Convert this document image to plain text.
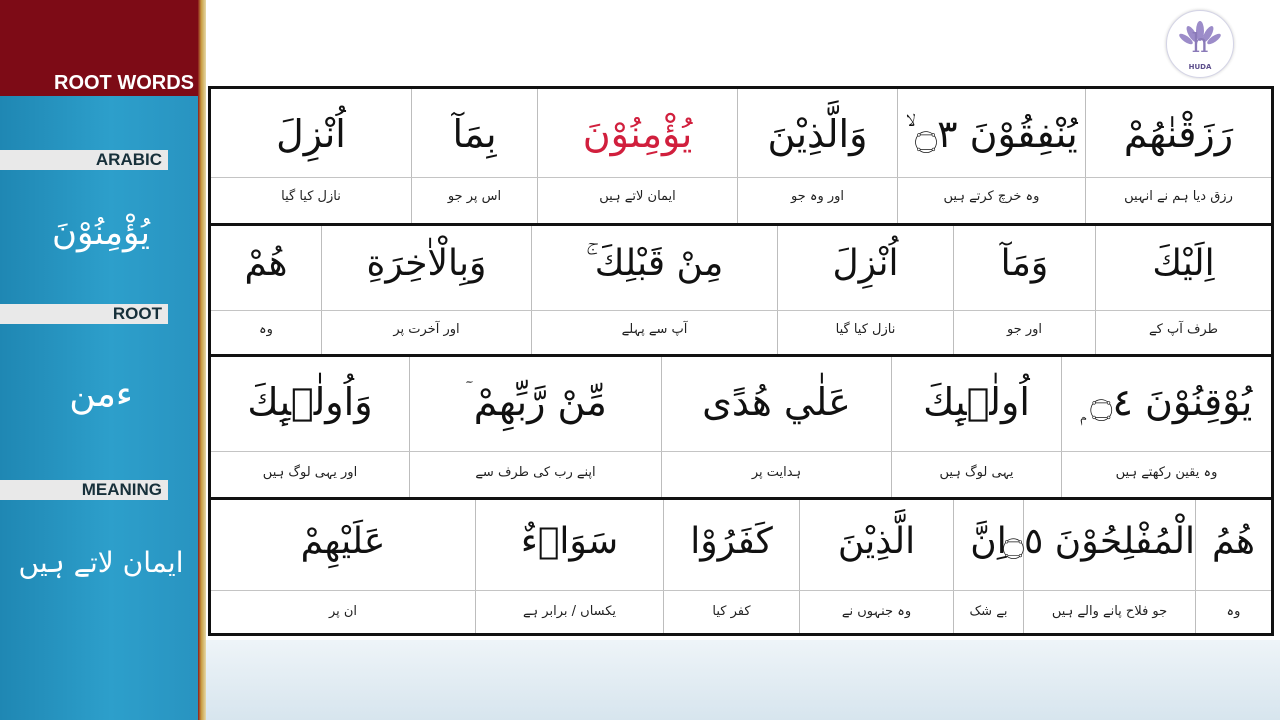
ROOT WORDS
ARABIC
يُؤْمِنُوْنَ
ROOT
ءمن
MEANING
ایمان لاتے ہیں
h
HUDA
رَزَقْنٰهُمْ
رزق دیا ہم نے انہیں
يُنْفِقُوْنَ ۝٣ ۙ
وہ خرچ کرتے ہیں
وَالَّذِيْنَ
اور وہ جو
يُؤْمِنُوْنَ
ایمان لاتے ہیں
بِمَآ
اس پر جو
اُنْزِلَ
نازل کیا گیا
اِلَيْكَ
طرف آپ کے
وَمَآ
اور جو
اُنْزِلَ
نازل کیا گیا
مِنْ قَبْلِكَ ۚ
آپ سے پہلے
وَبِالْاٰخِرَةِ
اور آخرت پر
هُمْ
وہ
يُوْقِنُوْنَ ۝٤ ۭ
وہ یقین رکھتے ہیں
اُولٰۗىِٕكَ
یہی لوگ ہیں
عَلٰي هُدًى
ہدایت پر
مِّنْ رَّبِّهِمْ ۤ
اپنے رب کی طرف سے
وَاُولٰۗىِٕكَ
اور یہی لوگ ہیں
هُمُ
وہ
الْمُفْلِحُوْنَ ۝٥
جو فلاح پانے والے ہیں
اِنَّ
بے شک
الَّذِيْنَ
وہ جنہوں نے
كَفَرُوْا
کفر کیا
سَوَاۗءٌ
یکساں / برابر ہے
عَلَيْهِمْ
ان پر
